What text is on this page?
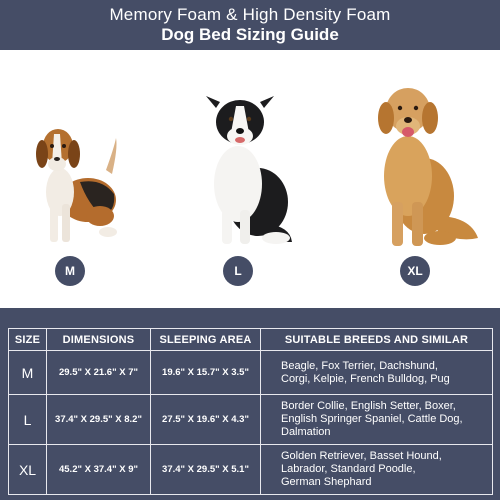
Memory Foam & High Density Foam
Dog Bed Sizing Guide
M	L	XL
SIZE	DIMENSIONS	SLEEPING AREA	SUITABLE BREEDS AND SIMILAR
M	29.5" X 21.6" X 7"	19.6" X 15.7" X 3.5"	Beagle, Fox Terrier, Dachshund,
Corgi, Kelpie, French Bulldog, Pug

L	37.4" X 29.5" X 8.2"	27.5" X 19.6" X 4.3"	Border Collie, English Setter, Boxer,
English Springer Spaniel, Cattle Dog,
Dalmation

XL	45.2" X 37.4" X 9"	37.4" X 29.5" X 5.1"	Golden Retriever, Basset Hound,
Labrador, Standard Poodle,
German Shephard
